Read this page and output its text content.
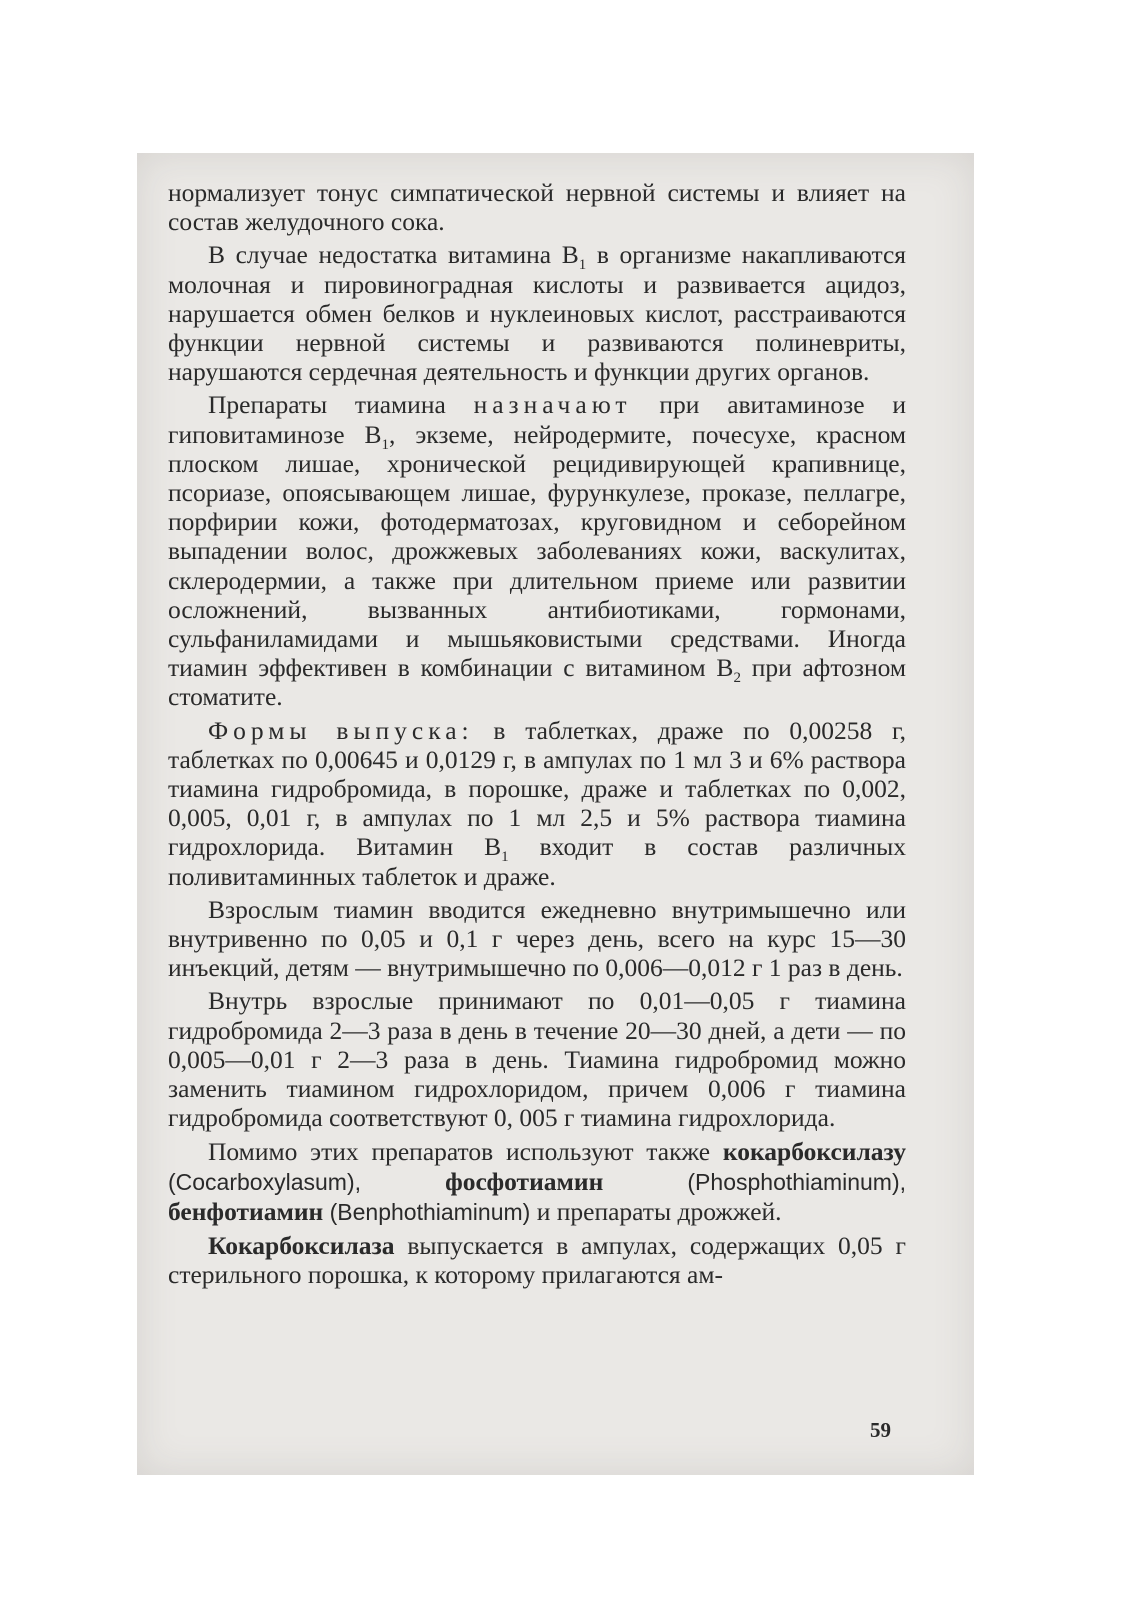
нормализует тонус симпатической нервной системы и влияет на состав желудочного сока.

В случае недостатка витамина $B_1$ в организме накапливаются молочная и пировиноградная кислоты и развивается ацидоз, нарушается обмен белков и нуклеиновых кислот, расстраиваются функции нервной системы и развиваются полиневриты, нарушаются сердечная деятельность и функции других органов.

Препараты тиамина назначают при авитаминозе и гиповитаминозе $B_1$, экземе, нейродермите, почесухе, красном плоском лишае, хронической рецидивирующей крапивнице, псориазе, опоясывающем лишае, фурункулезе, проказе, пеллагре, порфирии кожи, фотодерматозах, круговидном и себорейном выпадении волос, дрожжевых заболеваниях кожи, васкулитах, склеродермии, а также при длительном приеме или развитии осложнений, вызванных антибиотиками, гормонами, сульфаниламидами и мышьяковистыми средствами. Иногда тиамин эффективен в комбинации с витамином $B_2$ при афтозном стоматите.

Формы выпуска: в таблетках, драже по 0,00258 г, таблетках по 0,00645 и 0,0129 г, в ампулах по 1 мл 3 и 6% раствора тиамина гидробромида, в порошке, драже и таблетках по 0,002, 0,005, 0,01 г, в ампулах по 1 мл 2,5 и 5% раствора тиамина гидрохлорида. Витамин $B_1$ входит в состав различных поливитаминных таблеток и драже.

Взрослым тиамин вводится ежедневно внутримышечно или внутривенно по 0,05 и 0,1 г через день, всего на курс 15—30 инъекций, детям — внутримышечно по 0,006—0,012 г 1 раз в день.

Внутрь взрослые принимают по 0,01—0,05 г тиамина гидробромида 2—3 раза в день в течение 20—30 дней, а дети — по 0,005—0,01 г 2—3 раза в день. Тиамина гидробромид можно заменить тиамином гидрохлоридом, причем 0,006 г тиамина гидробромида соответствуют 0, 005 г тиамина гидрохлорида.

Помимо этих препаратов используют также кокарбоксилазу (Cocarboxylasum), фосфотиамин (Phosphothiaminum), бенфотиамин (Benphothiaminum) и препараты дрожжей.

Кокарбоксилаза выпускается в ампулах, содержащих 0,05 г стерильного порошка, к которому прилагаются ам-

59
